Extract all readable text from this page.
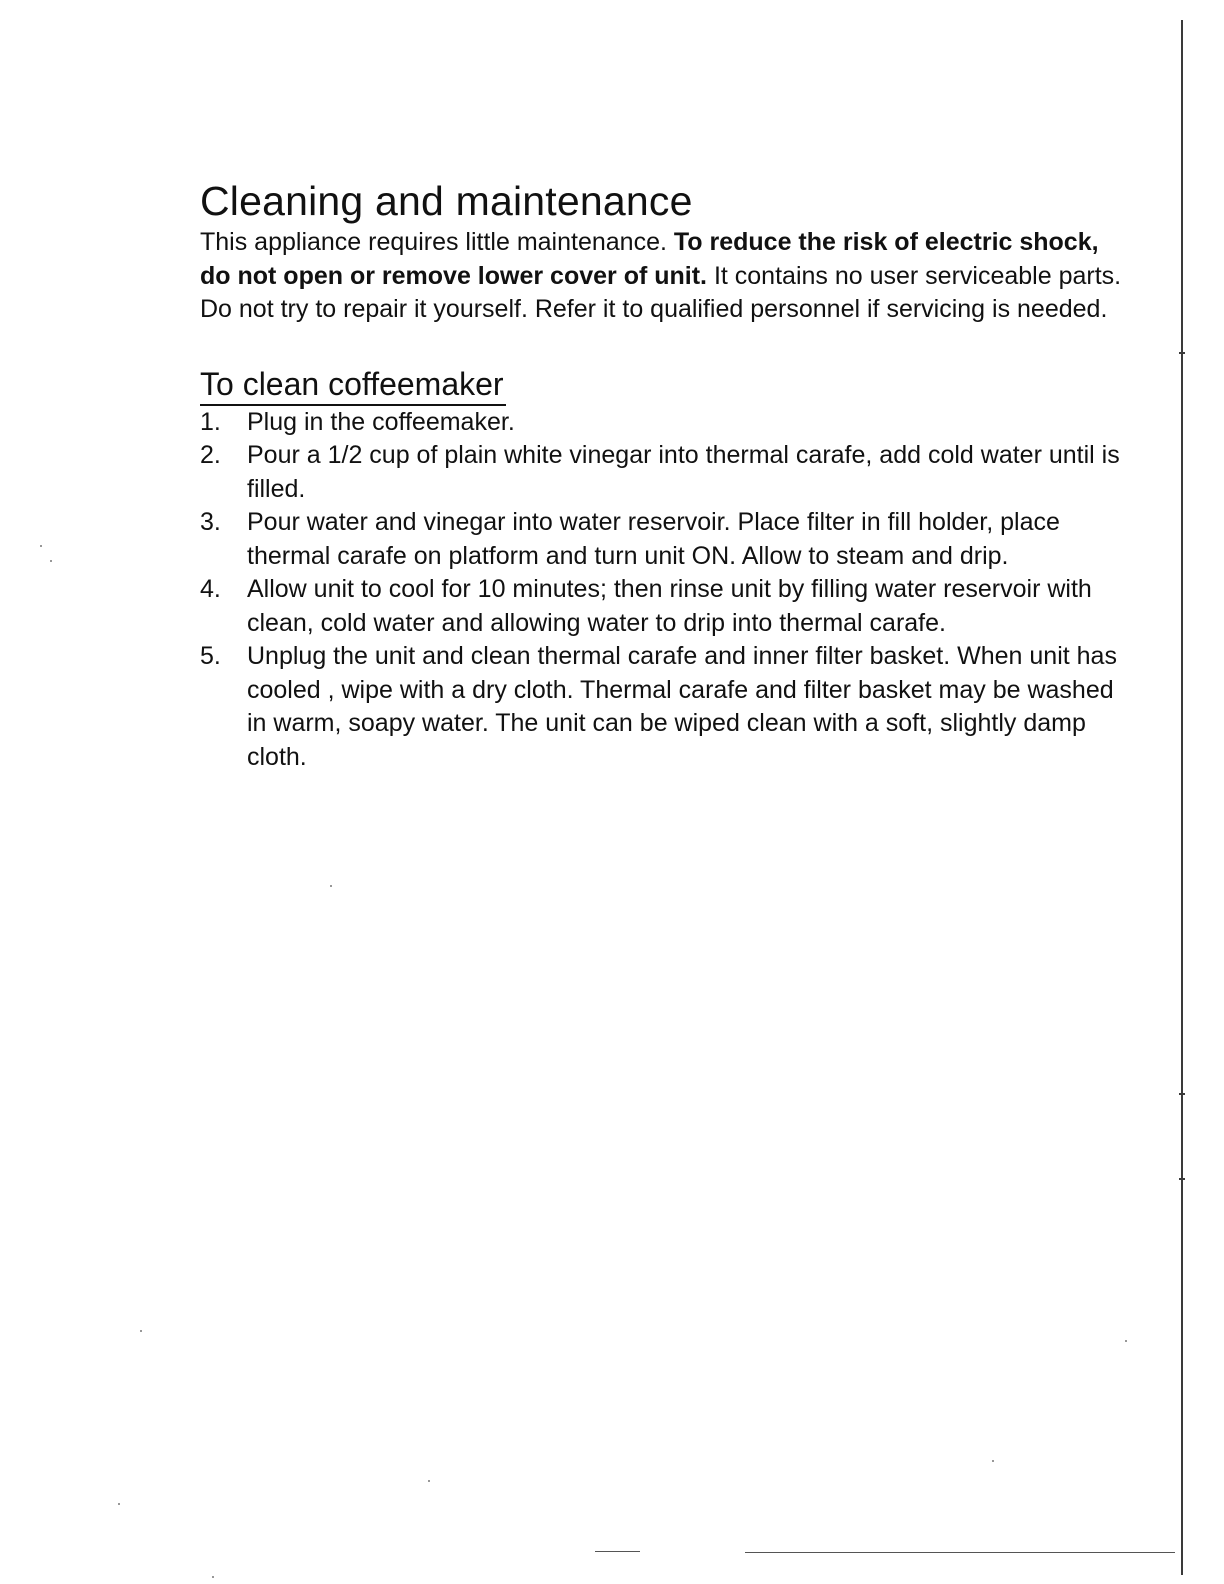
Cleaning and maintenance

This appliance requires little maintenance. To reduce the risk of electric shock, do not open or remove lower cover of unit. It contains no user serviceable parts. Do not try to repair it yourself. Refer it to qualified personnel if servicing is needed.

To clean coffeemaker
1. Plug in the coffeemaker.
2. Pour a 1/2 cup of plain white vinegar into thermal carafe, add cold water until is filled.
3. Pour water and vinegar into water reservoir. Place filter in fill holder, place thermal carafe on platform and turn unit ON. Allow to steam and drip.
4. Allow unit to cool for 10 minutes; then rinse unit by filling water reservoir with clean, cold water and allowing water to drip into thermal carafe.
5. Unplug the unit and clean thermal carafe and inner filter basket. When unit has cooled , wipe with a dry cloth. Thermal carafe and filter basket may be washed in warm, soapy water. The unit can be wiped clean with a soft, slightly damp cloth.
